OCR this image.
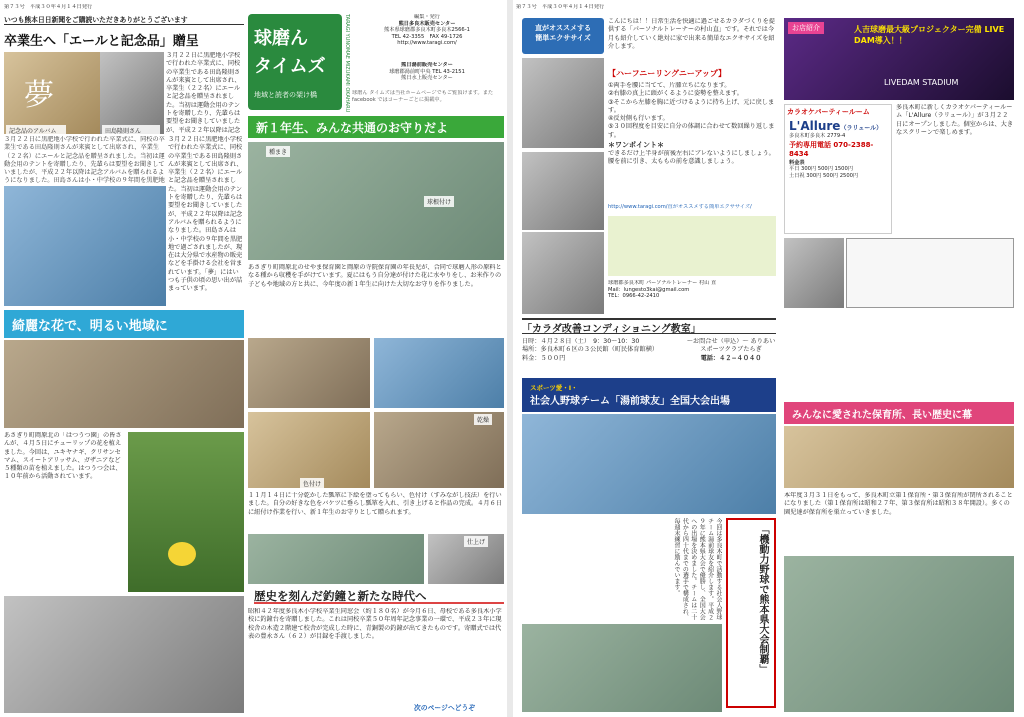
第７３号　 平成３０年４月１４日発行
いつも熊本日日新聞をご購読いただきありがとうございます
卒業生へ「エールと記念品」贈呈
夢
記念品のアルバム	田島隆則さん
３月２２日に黒肥地小学校で行われた卒業式に、同校の卒業生である田島隆則さんが来賓として出席され、卒業生（２２名）にエールと記念品を贈呈されました。当初は運動会用のテントを寄贈したり、先輩らは要望をお聞きしていましたが、平成２２年以降は記念
３月２２日に黒肥地小学校で行われた卒業式に、同校の卒業生である田島隆則さんが来賓として出席され、卒業生（２２名）にエールと記念品を贈呈されました。当初は運動会用のテントを寄贈したり、先輩らは要望をお聞きしていましたが、平成２２年以降は記念アルバムを贈られるようになりました。田島さんは小・中学校の９年間を黒肥地
３月２２日に黒肥地小学校で行われた卒業式に、同校の卒業生である田島隆則さんが来賓として出席され、卒業生（２２名）にエールと記念品を贈呈されました。当初は運動会用のテントを寄贈したり、先輩らは要望をお聞きしていましたが、平成２２年以降は記念アルバムを贈られるようになりました。田島さんは小・中学校の９年間を黒肥地で過ごされましたが、現在は大分県で水産物の販売などを手掛ける会社を営まれています。「夢」にはいつも子供の頃の思い出が詰まっています。
綺麗な花で、明るい地域に
あさぎり町岡原北の「はつうつ園」の皆さんが、４月５日にチューリップの花を植えました。今回は、ユキヤナギ、クリサンセマム、スイートアリッサム、ガザニアなど５種類の苗を植えました。はつうつ会は、１０年前から活動されています。
球磨ん
タイムズ
地域と読者の架け橋	TARAGI YUNOMAE MIZUKAMI OKAHARU	編集・発行
熊日多良木販売センター
熊本県球磨郡多良木町多良木2566-1
TEL 42-3355　FAX 49-1726
http://www.taragi.com/
熊日湯前販売センター
球磨郡湯前町中央 TEL 43-2151
熊日水上販売センター
球磨ん タイムズは当社ホームページでもご覧頂けます。また facebook ではコーナーごとに掲載中。
新１年生、みんな共通のお守りだよ
種まき
球根付け
あさぎり町岡原北のせやま保育園と岡原の寺院保育園の年長児が、合同で球磨人形の原料となる種から収穫を手がけています。夏にはもう自分達が付けた花に水やりをし、お米作りの子どもや地域の方と共に、今年度の新１年生に向けた大切なお守りを作りました。
色付け
乾燥
１１月１４日に十分乾かした瓢箪に下絵を塗ってもらい、色付け（すみながし技法）を行いました。自分の好きな色をバケツに垂らし瓢箪を入れ、引き上げると作品の完成。４月６日に紐付け作業を行い、新１年生のお守りとして贈られます。
仕上げ
歴史を刻んだ釣鐘と新たな時代へ
昭和４２年度多良木小学校卒業生同窓会（約１８０名）が今月６日、母校である多良木小学校に釣鐘台を寄贈しました。これは同校卒業５０年周年記念事業の一環で、平成２３年に現校舎の木造２階建て校舎が完成した時に、青銅製の釣鐘が出てきたものです。寄贈式では代表の豊永さん（６２）が目録を手渡しました。
次のページへどうぞ
第７３号　 平成３０年４月１４日発行
直がオススメする
簡単エクササイズ
こんにちは！！日常生活を快適に過ごせるカラダづくりを提供する「パーソナルトレーナーの村山直」です。それでは今月も紹介していく絶対に家で出来る簡単なエクササイズを紹介します。
【ハーフニーリングニーアップ】
①両手を腰に当てて、片膝立ちになります。
②右膝の真上に頭がくるように姿勢を整えます。
③そこから左膝を胸に近づけるように持ち上げ、元に戻します。
④反対側も行います。
⑤３０回程度を目安に自分の体調に合わせて数回繰り返します。
＊ワンポイント＊
できるだけ上半身が前後左右にブレないようにしましょう。腰を前に引き、太ももの前を意識しましょう。
http://www.taragi.com/直がオススメする簡単エクササイズ/
球磨郡多良木町 パーソナルトレーナー 村山 直
Mail：lungesto3kai@gmail.com
TEL：0966-42-2410
「カラダ改善コンディショニング教室」
日時：４月２８日（土）　9：30〜10：30
場所：多良木町６区の３公民館（町民体育館横）
料金：５００円
〜お問合せ（申込）〜 ありあいスポーツクラブたらぎ
電話：４２−４０４０
スポーツ愛・Ⅰ・
社会人野球チーム「湯前球友」全国大会出場
今回は多良木町で活動する社会人野球チーム湯前球友を紹介します。平成２９年に熊本県大会で優勝し、全国大会への出場を決めました。チームは二十代から四十代までの選手で構成され、毎週末練習に励んでいます。	「機動力野球で熊本県大会制覇」
お店紹介	人吉球磨最大級プロジェクター完備 LIVE DAM導入！！
LIVEDAM STADIUM
多良木町に新しくカラオケパーティールーム「L'Allure（ラリュール）」が３月２２日にオープンしました。個室からは、大きなスクリーンで楽しめます。
カラオケパーティールーム
L'Allure（ラリュール）
多良木町多良木 2779-4
予約専用電話 070-2388-8434
料金表
平日 300円 500円 1500円
土日祝 300円 500円 2500円
みんなに愛された保育所、長い歴史に幕
本年度３月３１日をもって、多良木町立第１保育所・第３保育所が閉所されることになりました（第１保育所は昭和２７年、第３保育所は昭和３８年開設）。多くの園児達が保育所を巣立っていきました。
